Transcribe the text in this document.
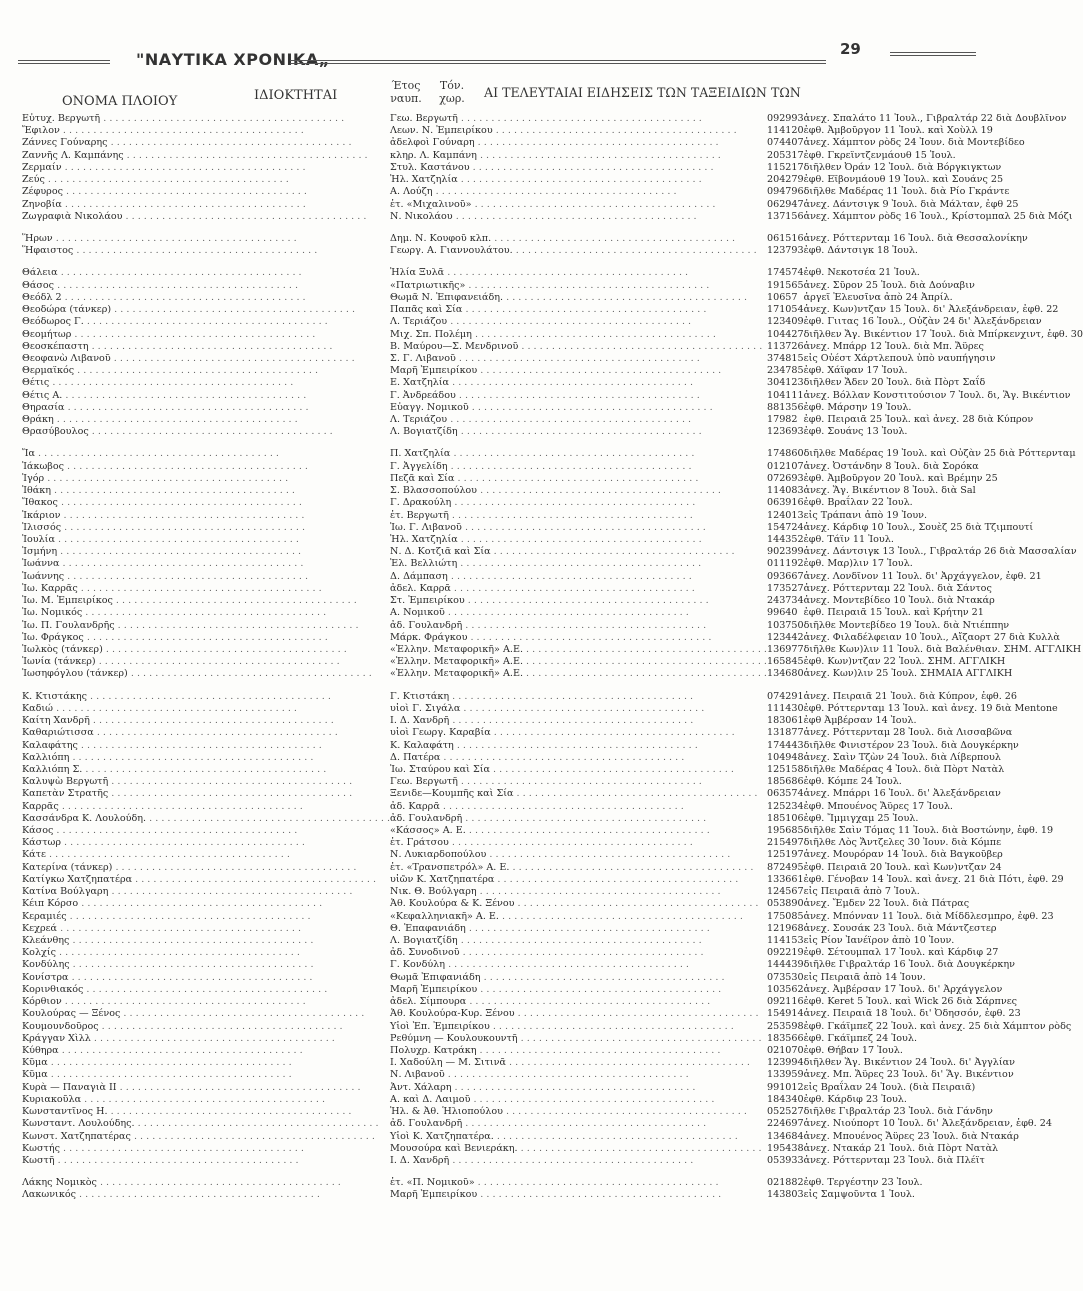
"ΝΑΥΤΙΚΑ ΧΡΟΝΙΚΑ„
29
ΟΝΟΜΑ ΠΛΟΙΟΥ	ΙΔΙΟΚΤΗΤΑΙ
Έτος ναυπ.
Τόν. χωρ.	ΑΙ ΤΕΛΕΥΤΑΙΑΙ ΕΙΔΗΣΕΙΣ ΤΩΝ ΤΑΞΕΙΔΙΩΝ ΤΩΝ
Εὐτυχ. Βεργωτῆ . . . . . . . . . . . . . . . . . . . . . . . . . . . . . . . . . . . . . . . .	Γεω. Βεργωτῆ . . . . . . . . . . . . . . . . . . . . . . . . . . . . . . . . . . . . . . . .	09	2993	ἀνεχ. Σπαλάτο 11 Ἰουλ., Γιβραλτάρ 22 διὰ Δουβλῖνον
Ἔφιλον . . . . . . . . . . . . . . . . . . . . . . . . . . . . . . . . . . . . . . . .	Λεων. Ν. Ἐμπειρίκου . . . . . . . . . . . . . . . . . . . . . . . . . . . . . . . . . . . . . . . .	11	4120	ἐφθ. Ἀμβοῦργον 11 Ἰουλ. καὶ Χοὺλλ 19
Ζάννες Γούναρης . . . . . . . . . . . . . . . . . . . . . . . . . . . . . . . . . . . . . . . .	ἀδελφοὶ Γούναρη . . . . . . . . . . . . . . . . . . . . . . . . . . . . . . . . . . . . . . . .	07	4407	ἀνεχ. Χάμπτον ρὸδς 24 Ἰουν. διὰ Μοντεβίδεο
Ζαννῆς Λ. Καμπάνης . . . . . . . . . . . . . . . . . . . . . . . . . . . . . . . . . . . . . . . .	κληρ. Λ. Καμπάνη . . . . . . . . . . . . . . . . . . . . . . . . . . . . . . . . . . . . . . . .	20	5317	ἐφθ. Γκρεϊντζενμάουθ 15 Ἰουλ.
Ζερμαίν . . . . . . . . . . . . . . . . . . . . . . . . . . . . . . . . . . . . . . . .	Στυλ. Καστάνου . . . . . . . . . . . . . . . . . . . . . . . . . . . . . . . . . . . . . . . .	11	5217	διῆλθεν Ὀράν 12 Ἰουλ. διὰ Βόργκιγκτων
Ζεύς . . . . . . . . . . . . . . . . . . . . . . . . . . . . . . . . . . . . . . . .	Ἠλ. Χατζηλία . . . . . . . . . . . . . . . . . . . . . . . . . . . . . . . . . . . . . . . .	20	4279	ἐφθ. Εϊβονμάουθ 19 Ἰουλ. καὶ Σουάνς 25
Ζέφυρος . . . . . . . . . . . . . . . . . . . . . . . . . . . . . . . . . . . . . . . .	Α. Λούζη . . . . . . . . . . . . . . . . . . . . . . . . . . . . . . . . . . . . . . . .	09	4796	διῆλθε Μαδέρας 11 Ἰουλ. διὰ Ρίο Γκράντε
Ζηνοβία . . . . . . . . . . . . . . . . . . . . . . . . . . . . . . . . . . . . . . . .	ἐτ. «Μιχαλινοῦ» . . . . . . . . . . . . . . . . . . . . . . . . . . . . . . . . . . . . . . . .	06	2947	ἀνεχ. Δάντσιγκ 9 Ἰουλ. διὰ Μάλταν, ἐφθ 25
Ζωγραφιὰ Νικολάου . . . . . . . . . . . . . . . . . . . . . . . . . . . . . . . . . . . . . . . .	Ν. Νικολάου . . . . . . . . . . . . . . . . . . . . . . . . . . . . . . . . . . . . . . . .	13	7156	ἀνεχ. Χάμπτον ρὸδς 16 Ἰουλ., Κρίστομπαλ 25 διὰ Μόζι

Ἥρων . . . . . . . . . . . . . . . . . . . . . . . . . . . . . . . . . . . . . . . .	Δημ. Ν. Κουφοῦ κλπ. . . . . . . . . . . . . . . . . . . . . . . . . . . . . . . . . . . . . . . . .	06	1516	ἀνεχ. Ρόττερνταμ 16 Ἰουλ. διὰ Θεσσαλονίκην
Ἥφαιστος . . . . . . . . . . . . . . . . . . . . . . . . . . . . . . . . . . . . . . . .	Γεωργ. Α. Γιαννουλάτου. . . . . . . . . . . . . . . . . . . . . . . . . . . . . . . . . . . . . . . . .	12	3793	ἐφθ. Δάντσιγκ 18 Ἰουλ.

Θάλεια . . . . . . . . . . . . . . . . . . . . . . . . . . . . . . . . . . . . . . . .	Ἠλία Ξυλᾶ . . . . . . . . . . . . . . . . . . . . . . . . . . . . . . . . . . . . . . . .	17	4574	ἐφθ. Νεκοτσέα 21 Ἰουλ.
Θάσος . . . . . . . . . . . . . . . . . . . . . . . . . . . . . . . . . . . . . . . .	«Πατριωτικῆς» . . . . . . . . . . . . . . . . . . . . . . . . . . . . . . . . . . . . . . . .	19	1565	ἀνεχ. Σῦρον 25 Ἰουλ. διὰ Δούναβιν
Θεόδλ 2 . . . . . . . . . . . . . . . . . . . . . . . . . . . . . . . . . . . . . . . .	Θωμᾶ Ν. Ἐπιφανειάδη. . . . . . . . . . . . . . . . . . . . . . . . . . . . . . . . . . . . . . . . .	10	657	ἀργεῖ Ἐλευσῖνα ἀπὸ 24 Ἀπρίλ.
Θεοδώρα (τάνκερ) . . . . . . . . . . . . . . . . . . . . . . . . . . . . . . . . . . . . . . . .	Παπᾶς καὶ Σία . . . . . . . . . . . . . . . . . . . . . . . . . . . . . . . . . . . . . . . .	17	1054	ἀνεχ. Κων)ντζαν 15 Ἰουλ. δι' Ἀλεξάνδρειαν, ἐφθ. 22
Θεόδωρος Γ. . . . . . . . . . . . . . . . . . . . . . . . . . . . . . . . . . . . . . . . .	Λ. Τεριάζου . . . . . . . . . . . . . . . . . . . . . . . . . . . . . . . . . . . . . . . .	12	3409	ἐφθ. Γιιτας 16 Ἰουλ., Οὐζὰν 24 δι' Ἀλεξάνδρειαν
Θεομήτωρ . . . . . . . . . . . . . . . . . . . . . . . . . . . . . . . . . . . . . . . .	Μιχ. Σπ. Πολέμη . . . . . . . . . . . . . . . . . . . . . . . . . . . . . . . . . . . . . . . .	10	4427	διῆλθεν Ἄγ. Βικέντιον 17 Ἰουλ. διὰ Μπίρκενχιντ, ἐφθ. 30
Θεοσκέπαστη . . . . . . . . . . . . . . . . . . . . . . . . . . . . . . . . . . . . . . . .	Β. Μαύρου—Σ. Μενδρινοῦ . . . . . . . . . . . . . . . . . . . . . . . . . . . . . . . . . . . . . . . .	11	3726	ἀνεχ. Μπάρρ 12 Ἰουλ. διὰ Μπ. Ἄϋρες
Θεοφανὼ Λιβανοῦ . . . . . . . . . . . . . . . . . . . . . . . . . . . . . . . . . . . . . . . .	Σ. Γ. Λιβανοῦ . . . . . . . . . . . . . . . . . . . . . . . . . . . . . . . . . . . . . . . .	37	4815	εἰς Οὐέστ Χάρτλεπουλ ὑπὸ ναυπήγησιν
Θερμαϊκός . . . . . . . . . . . . . . . . . . . . . . . . . . . . . . . . . . . . . . . .	Μαρῆ Ἐμπειρίκου . . . . . . . . . . . . . . . . . . . . . . . . . . . . . . . . . . . . . . . .	23	4785	ἐφθ. Χάϊφαν 17 Ἰουλ.
Θέτις . . . . . . . . . . . . . . . . . . . . . . . . . . . . . . . . . . . . . . . .	Ε. Χατζηλία . . . . . . . . . . . . . . . . . . . . . . . . . . . . . . . . . . . . . . . .	30	4123	διῆλθεν Ἄδεν 20 Ἰουλ. διὰ Πὸρτ Σαΐδ
Θέτις Α. . . . . . . . . . . . . . . . . . . . . . . . . . . . . . . . . . . . . . . . .	Γ. Ἀνδρεάδου . . . . . . . . . . . . . . . . . . . . . . . . . . . . . . . . . . . . . . . .	10	4111	ἀνεχ. Βόλλαν Κονστιτούσιον 7 Ἰουλ. δι, Ἅγ. Βικέντιον
Θηρασία . . . . . . . . . . . . . . . . . . . . . . . . . . . . . . . . . . . . . . . .	Εὐαγγ. Νομικοῦ . . . . . . . . . . . . . . . . . . . . . . . . . . . . . . . . . . . . . . . .	88	1356	ἐφθ. Μάρσην 19 Ἰουλ.
Θράκη . . . . . . . . . . . . . . . . . . . . . . . . . . . . . . . . . . . . . . . .	Λ. Τεριάζου . . . . . . . . . . . . . . . . . . . . . . . . . . . . . . . . . . . . . . . .	17	982	ἐφθ. Πειραιᾶ 25 Ἰουλ. καὶ ἀνεχ. 28 διὰ Κύπρον
Θρασύβουλος . . . . . . . . . . . . . . . . . . . . . . . . . . . . . . . . . . . . . . . .	Λ. Βογιατζίδη . . . . . . . . . . . . . . . . . . . . . . . . . . . . . . . . . . . . . . . .	12	3693	ἐφθ. Σουάνς 13 Ἰουλ.

Ἴα . . . . . . . . . . . . . . . . . . . . . . . . . . . . . . . . . . . . . . . .	Π. Χατζηλία . . . . . . . . . . . . . . . . . . . . . . . . . . . . . . . . . . . . . . . .	17	4860	διῆλθε Μαδέρας 19 Ἰουλ. καὶ Οὐζὰν 25 διὰ Ρόττερνταμ
Ἰάκωβος . . . . . . . . . . . . . . . . . . . . . . . . . . . . . . . . . . . . . . . .	Γ. Ἀγγελίδη . . . . . . . . . . . . . . . . . . . . . . . . . . . . . . . . . . . . . . . .	01	2107	ἀνεχ. Ὀστάνδην 8 Ἰουλ. διὰ Σορόκα
Ἰγόρ . . . . . . . . . . . . . . . . . . . . . . . . . . . . . . . . . . . . . . . .	Πεζᾶ καὶ Σία . . . . . . . . . . . . . . . . . . . . . . . . . . . . . . . . . . . . . . . .	07	2693	ἐφθ. Ἀμβοῦργον 20 Ἰουλ. καὶ Βρέμην 25
Ἰθάκη . . . . . . . . . . . . . . . . . . . . . . . . . . . . . . . . . . . . . . . .	Σ. Βλασσοπούλου . . . . . . . . . . . . . . . . . . . . . . . . . . . . . . . . . . . . . . . .	11	4083	ἀνεχ. Ἅγ. Βικέντιον 8 Ἰουλ. διὰ Sal
Ἴθακος . . . . . . . . . . . . . . . . . . . . . . . . . . . . . . . . . . . . . . . .	Γ. Δρακούλη . . . . . . . . . . . . . . . . . . . . . . . . . . . . . . . . . . . . . . . .	06	3916	ἐφθ. Βραΐλαν 22 Ἰουλ.
Ἰκάριον . . . . . . . . . . . . . . . . . . . . . . . . . . . . . . . . . . . . . . . .	ἐτ. Βεργωτῆ . . . . . . . . . . . . . . . . . . . . . . . . . . . . . . . . . . . . . . . .	12	4013	εἰς Τράπανι ἀπὸ 19 Ἰουν.
Ἰλισσός . . . . . . . . . . . . . . . . . . . . . . . . . . . . . . . . . . . . . . . .	Ἰω. Γ. Λιβανοῦ . . . . . . . . . . . . . . . . . . . . . . . . . . . . . . . . . . . . . . . .	15	4724	ἀνεχ. Κάρδιφ 10 Ἰουλ., Σουὲζ 25 διὰ Τζιμπουτί
Ἰουλία . . . . . . . . . . . . . . . . . . . . . . . . . . . . . . . . . . . . . . . .	Ἠλ. Χατζηλία . . . . . . . . . . . . . . . . . . . . . . . . . . . . . . . . . . . . . . . .	14	4352	ἐφθ. Τάϊν 11 Ἰουλ.
Ἰσμήνη . . . . . . . . . . . . . . . . . . . . . . . . . . . . . . . . . . . . . . . .	Ν. Δ. Κοτζιᾶ καὶ Σία . . . . . . . . . . . . . . . . . . . . . . . . . . . . . . . . . . . . . . . .	90	2399	ἀνεχ. Δάντσιγκ 13 Ἰουλ., Γιβραλτάρ 26 διὰ Μασσαλίαν
Ἰωάννα . . . . . . . . . . . . . . . . . . . . . . . . . . . . . . . . . . . . . . . .	Ἐλ. Βελλιώτη . . . . . . . . . . . . . . . . . . . . . . . . . . . . . . . . . . . . . . . .	01	1192	ἐφθ. Μαρ)λιν 17 Ἰουλ.
Ἰωάννης . . . . . . . . . . . . . . . . . . . . . . . . . . . . . . . . . . . . . . . .	Δ. Δάμπαση . . . . . . . . . . . . . . . . . . . . . . . . . . . . . . . . . . . . . . . .	09	3667	ἀνεχ. Λονδῖνον 11 Ἰουλ. δι' Ἀρχάγγελον, ἐφθ. 21
Ἰω. Καρρᾶς . . . . . . . . . . . . . . . . . . . . . . . . . . . . . . . . . . . . . . . .	ἀδελ. Καρρᾶ . . . . . . . . . . . . . . . . . . . . . . . . . . . . . . . . . . . . . . . .	17	3527	ἀνεχ. Ρόττερνταμ 22 Ἰουλ. διὰ Σάντος
Ἰω. Μ. Ἐμπειρίκος . . . . . . . . . . . . . . . . . . . . . . . . . . . . . . . . . . . . . . . .	Στ. Ἐμπειρίκου . . . . . . . . . . . . . . . . . . . . . . . . . . . . . . . . . . . . . . . .	24	3734	ἀνεχ. Μοντεβίδεο 10 Ἰουλ. διὰ Ντακάρ
Ἰω. Νομικός . . . . . . . . . . . . . . . . . . . . . . . . . . . . . . . . . . . . . . . .	Α. Νομικοῦ . . . . . . . . . . . . . . . . . . . . . . . . . . . . . . . . . . . . . . . .	99	640	ἐφθ. Πειραιᾶ 15 Ἰουλ. καὶ Κρήτην 21
Ἰω. Π. Γουλανδρῆς . . . . . . . . . . . . . . . . . . . . . . . . . . . . . . . . . . . . . . . .	ἀδ. Γουλανδρῆ . . . . . . . . . . . . . . . . . . . . . . . . . . . . . . . . . . . . . . . .	10	3750	διῆλθε Μοντεβίδεο 19 Ἰουλ. διὰ Ντιέππην
Ἰω. Φράγκος . . . . . . . . . . . . . . . . . . . . . . . . . . . . . . . . . . . . . . . .	Μάρκ. Φράγκου . . . . . . . . . . . . . . . . . . . . . . . . . . . . . . . . . . . . . . . .	12	3442	ἀνεχ. Φιλαδέλφειαν 10 Ἰουλ., Αἴζαορτ 27 διὰ Κυλλὰ
Ἰωλκὸς (τάνκερ) . . . . . . . . . . . . . . . . . . . . . . . . . . . . . . . . . . . . . . . .	«Ἑλλην. Μεταφορικῆ» Α.Ε. . . . . . . . . . . . . . . . . . . . . . . . . . . . . . . . . . . . . . . . .	13	6977	διῆλθε Κων)λιν 11 Ἰουλ. διὰ Βαλένθιαν. ΣΗΜ. ΑΓΓΛΙΚΗ
Ἰωνία (τάνκερ) . . . . . . . . . . . . . . . . . . . . . . . . . . . . . . . . . . . . . . . .	«Ἑλλην. Μεταφορικῆ» Α.Ε. . . . . . . . . . . . . . . . . . . . . . . . . . . . . . . . . . . . . . . . .	16	5845	ἐφθ. Κων)ντζαν 22 Ἰουλ. ΣΗΜ. ΑΓΓΛΙΚΗ
Ἰωσηφόγλου (τάνκερ) . . . . . . . . . . . . . . . . . . . . . . . . . . . . . . . . . . . . . . . .	«Ἑλλην. Μεταφορικῆ» Α.Ε. . . . . . . . . . . . . . . . . . . . . . . . . . . . . . . . . . . . . . . . .	13	4680	ἀνεχ. Κων)λιν 25 Ἰουλ. ΣΗΜΑΙΑ ΑΓΓΛΙΚΗ

Κ. Κτιστάκης . . . . . . . . . . . . . . . . . . . . . . . . . . . . . . . . . . . . . . . .	Γ. Κτιστάκη . . . . . . . . . . . . . . . . . . . . . . . . . . . . . . . . . . . . . . . .	07	4291	ἀνεχ. Πειραιᾶ 21 Ἰουλ. διὰ Κύπρον, ἐφθ. 26
Καδιώ . . . . . . . . . . . . . . . . . . . . . . . . . . . . . . . . . . . . . . . .	υἱοὶ Γ. Σιγάλα . . . . . . . . . . . . . . . . . . . . . . . . . . . . . . . . . . . . . . . .	11	1430	ἐφθ. Ρόττερνταμ 13 Ἰουλ. καὶ ἀνεχ. 19 διὰ Mentone
Καίτη Χανδρῆ . . . . . . . . . . . . . . . . . . . . . . . . . . . . . . . . . . . . . . . .	Ι. Δ. Χανδρῆ . . . . . . . . . . . . . . . . . . . . . . . . . . . . . . . . . . . . . . . .	18	3061	ἐφθ Ἀμβέρσαν 14 Ἰουλ.
Καθαριώτισσα . . . . . . . . . . . . . . . . . . . . . . . . . . . . . . . . . . . . . . . .	υἱοὶ Γεωργ. Καραβία . . . . . . . . . . . . . . . . . . . . . . . . . . . . . . . . . . . . . . . .	13	1877	ἀνεχ. Ρόττερνταμ 28 Ἰουλ. διὰ Λισσαβῶνα
Καλαφάτης . . . . . . . . . . . . . . . . . . . . . . . . . . . . . . . . . . . . . . . .	Κ. Καλαφάτη . . . . . . . . . . . . . . . . . . . . . . . . . . . . . . . . . . . . . . . .	17	4443	διῆλθε Φινιστέρον 23 Ἰουλ. διὰ Δουγκέρκην
Καλλιόπη . . . . . . . . . . . . . . . . . . . . . . . . . . . . . . . . . . . . . . . .	Δ. Πατέρα . . . . . . . . . . . . . . . . . . . . . . . . . . . . . . . . . . . . . . . .	10	4948	ἀνεχ. Σαὶν Τζὼν 24 Ἰουλ. διὰ Λίβερπουλ
Καλλιόπη Σ. . . . . . . . . . . . . . . . . . . . . . . . . . . . . . . . . . . . . . . . .	Ἰω. Σταύρου καὶ Σία . . . . . . . . . . . . . . . . . . . . . . . . . . . . . . . . . . . . . . . .	12	5158	διῆλθε Μαδέρας 4 Ἰουλ. διὰ Πὸρτ Νατὰλ
Καλυψὼ Βεργωτῆ . . . . . . . . . . . . . . . . . . . . . . . . . . . . . . . . . . . . . . . .	Γεω. Βεργωτῆ . . . . . . . . . . . . . . . . . . . . . . . . . . . . . . . . . . . . . . . .	18	5686	ἐφθ. Κόμπε 24 Ἰουλ.
Καπετὰν Στρατῆς . . . . . . . . . . . . . . . . . . . . . . . . . . . . . . . . . . . . . . . .	Ξενιδε—Κουμπῆς καὶ Σία . . . . . . . . . . . . . . . . . . . . . . . . . . . . . . . . . . . . . . . .	06	3574	ἀνεχ. Μπάρρι 16 Ἰουλ. δι' Ἀλεξάνδρειαν
Καρρᾶς . . . . . . . . . . . . . . . . . . . . . . . . . . . . . . . . . . . . . . . .	ἀδ. Καρρᾶ . . . . . . . . . . . . . . . . . . . . . . . . . . . . . . . . . . . . . . . .	12	5234	ἐφθ. Μπουένος Ἄϋρες 17 Ἰουλ.
Κασσάνδρα Κ. Λουλούδη. . . . . . . . . . . . . . . . . . . . . . . . . . . . . . . . . . . . . . . . .	ἀδ. Γουλανδρῆ . . . . . . . . . . . . . . . . . . . . . . . . . . . . . . . . . . . . . . . .	18	5106	ἐφθ. Ἴμμιγχαμ 25 Ἰουλ.
Κάσος . . . . . . . . . . . . . . . . . . . . . . . . . . . . . . . . . . . . . . . .	«Κάσσος» Α. Ε. . . . . . . . . . . . . . . . . . . . . . . . . . . . . . . . . . . . . . . . .	19	5685	διῆλθε Σαὶν Τόμας 11 Ἰουλ. διὰ Βοστώνην, ἐφθ. 19
Κάστωρ . . . . . . . . . . . . . . . . . . . . . . . . . . . . . . . . . . . . . . . .	ἐτ. Γράτσου . . . . . . . . . . . . . . . . . . . . . . . . . . . . . . . . . . . . . . . .	21	5497	διῆλθε Λὸς Ἄντζελες 30 Ἰουν. διὰ Κόμπε
Κάτε . . . . . . . . . . . . . . . . . . . . . . . . . . . . . . . . . . . . . . . .	Ν. Λυκιαρδοπούλου . . . . . . . . . . . . . . . . . . . . . . . . . . . . . . . . . . . . . . . .	12	5197	ἀνεχ. Μουρόραν 14 Ἰουλ. διὰ Βαγκοῦβερ
Κατερίνα (τάνκερ) . . . . . . . . . . . . . . . . . . . . . . . . . . . . . . . . . . . . . . . .	ἐτ. «Τρανσπετρόλ» Α. Ε. . . . . . . . . . . . . . . . . . . . . . . . . . . . . . . . . . . . . . . . .	87	2495	ἐφθ. Πειραιᾶ 20 Ἰουλ. καὶ Κων)ντζαν 24
Κατίγκω Χατζηπατέρα . . . . . . . . . . . . . . . . . . . . . . . . . . . . . . . . . . . . . . . .	υἱῶν Κ. Χατζηπατέρα . . . . . . . . . . . . . . . . . . . . . . . . . . . . . . . . . . . . . . . .	13	3661	ἐφθ. Γένοβαν 14 Ἰουλ. καὶ ἀνεχ. 21 διὰ Πότι, ἐφθ. 29
Κατίνα Βούλγαρη . . . . . . . . . . . . . . . . . . . . . . . . . . . . . . . . . . . . . . . .	Νικ. Θ. Βούλγαρη . . . . . . . . . . . . . . . . . . . . . . . . . . . . . . . . . . . . . . . .	12	4567	εἰς Πειραιᾶ ἀπὸ 7 Ἰουλ.
Κέιπ Κόρσο . . . . . . . . . . . . . . . . . . . . . . . . . . . . . . . . . . . . . . . .	Ἀθ. Κουλούρα & Κ. Ξένου . . . . . . . . . . . . . . . . . . . . . . . . . . . . . . . . . . . . . . . .	05	3890	ἀνεχ. Ἔμδεν 22 Ἰουλ. διὰ Πάτρας
Κεραμιές . . . . . . . . . . . . . . . . . . . . . . . . . . . . . . . . . . . . . . . .	«Κεφαλληνιακῆ» Α. Ε. . . . . . . . . . . . . . . . . . . . . . . . . . . . . . . . . . . . . . . . .	17	5085	ἀνεχ. Μπόνναν 11 Ἰουλ. διὰ Μίδδλεσμπρο, ἐφθ. 23
Κεχρεά . . . . . . . . . . . . . . . . . . . . . . . . . . . . . . . . . . . . . . . .	Θ. Ἐπαφανιάδη . . . . . . . . . . . . . . . . . . . . . . . . . . . . . . . . . . . . . . . .	12	1968	ἀνεχ. Σουσάκ 23 Ἰουλ. διὰ Μάντζεστερ
Κλεάνθης . . . . . . . . . . . . . . . . . . . . . . . . . . . . . . . . . . . . . . . .	Λ. Βογιατζίδη . . . . . . . . . . . . . . . . . . . . . . . . . . . . . . . . . . . . . . . .	11	4153	εἰς Ρίον Ἰανέϊρον ἀπὸ 10 Ἰουν.
Κολχίς . . . . . . . . . . . . . . . . . . . . . . . . . . . . . . . . . . . . . . . .	ἀδ. Συνοδινοῦ . . . . . . . . . . . . . . . . . . . . . . . . . . . . . . . . . . . . . . . .	09	2219	ἐφθ. Σέτουμπαλ 17 Ἰουλ. καὶ Κάρδιφ 27
Κονδύλης . . . . . . . . . . . . . . . . . . . . . . . . . . . . . . . . . . . . . . . .	Γ. Κονδύλη . . . . . . . . . . . . . . . . . . . . . . . . . . . . . . . . . . . . . . . .	14	4439	διῆλθε Γιβραλτάρ 16 Ἰουλ. διὰ Δουγκέρκην
Κονίστρα . . . . . . . . . . . . . . . . . . . . . . . . . . . . . . . . . . . . . . . .	Θωμᾶ Ἐπιφανιάδη . . . . . . . . . . . . . . . . . . . . . . . . . . . . . . . . . . . . . . . .	07	3530	εἰς Πειραιᾶ ἀπὸ 14 Ἰουν.
Κορινθιακός . . . . . . . . . . . . . . . . . . . . . . . . . . . . . . . . . . . . . . . .	Μαρῆ Ἐμπειρίκου . . . . . . . . . . . . . . . . . . . . . . . . . . . . . . . . . . . . . . . .	10	3562	ἀνεχ. Ἀμβέρσαν 17 Ἰουλ. δι' Ἀρχάγγελον
Κόρθιον . . . . . . . . . . . . . . . . . . . . . . . . . . . . . . . . . . . . . . . .	ἀδελ. Σίμπουρα . . . . . . . . . . . . . . . . . . . . . . . . . . . . . . . . . . . . . . . .	09	2116	ἐφθ. Keret 5 Ἰουλ. καὶ Wick 26 διὰ Σάρπνες
Κουλούρας — Ξένος . . . . . . . . . . . . . . . . . . . . . . . . . . . . . . . . . . . . . . . .	Ἀθ. Κουλούρα-Κυρ. Ξένου . . . . . . . . . . . . . . . . . . . . . . . . . . . . . . . . . . . . . . . .	15	4914	ἀνεχ. Πειραιᾶ 18 Ἰουλ. δι' Ὀδησσόν, ἐφθ. 23
Κουμουνδοῦρος . . . . . . . . . . . . . . . . . . . . . . . . . . . . . . . . . . . . . . . .	Υἱοὶ Ἐπ. Ἐμπειρίκου . . . . . . . . . . . . . . . . . . . . . . . . . . . . . . . . . . . . . . . .	25	3598	ἐφθ. Γκάϊμπεζ 22 Ἰουλ. καὶ ἀνεχ. 25 διὰ Χάμπτον ρὸδς
Κράγγαν Χὶλλ . . . . . . . . . . . . . . . . . . . . . . . . . . . . . . . . . . . . . . . .	Ρεθύμνη — Κουλουκουντῆ . . . . . . . . . . . . . . . . . . . . . . . . . . . . . . . . . . . . . . . .	18	3566	ἐφθ. Γκάϊμπεζ 24 Ἰουλ.
Κύθηρα . . . . . . . . . . . . . . . . . . . . . . . . . . . . . . . . . . . . . . . .	Πολυχρ. Κατράκη . . . . . . . . . . . . . . . . . . . . . . . . . . . . . . . . . . . . . . . .	02	1070	ἐφθ. Θήβαν 17 Ἰουλ.
Κῦμα . . . . . . . . . . . . . . . . . . . . . . . . . . . . . . . . . . . . . . . .	Ι. Χαδούλη — Μ. Σιτινᾶ . . . . . . . . . . . . . . . . . . . . . . . . . . . . . . . . . . . . . . . .	12	3994	διῆλθεν Ἅγ. Βικέντιον 24 Ἰουλ. δι' Ἀγγλίαν
Κῦμα . . . . . . . . . . . . . . . . . . . . . . . . . . . . . . . . . . . . . . . .	Ν. Λιβανοῦ . . . . . . . . . . . . . . . . . . . . . . . . . . . . . . . . . . . . . . . .	13	3959	ἀνεχ. Μπ. Ἄϋρες 23 Ἰουλ. δι' Ἅγ. Βικέντιον
Κυρὰ — Παναγιὰ ΙΙ . . . . . . . . . . . . . . . . . . . . . . . . . . . . . . . . . . . . . . . .	Ἀντ. Χάλαρη . . . . . . . . . . . . . . . . . . . . . . . . . . . . . . . . . . . . . . . .	99	1012	εἰς Βραΐλαν 24 Ἰουλ. (διὰ Πειραιᾶ)
Κυριακοῦλα . . . . . . . . . . . . . . . . . . . . . . . . . . . . . . . . . . . . . . . .	Α. καὶ Δ. Λαιμοῦ . . . . . . . . . . . . . . . . . . . . . . . . . . . . . . . . . . . . . . . .	18	4340	ἐφθ. Κάρδιφ 23 Ἰουλ.
Κωνσταντῖνος Η. . . . . . . . . . . . . . . . . . . . . . . . . . . . . . . . . . . . . . . . .	Ἠλ. & Ἀθ. Ἡλιοπούλου . . . . . . . . . . . . . . . . . . . . . . . . . . . . . . . . . . . . . . . .	05	2527	διῆλθε Γιβραλτάρ 23 Ἰουλ. διὰ Γάνδην
Κωνσταντ. Λουλούδης. . . . . . . . . . . . . . . . . . . . . . . . . . . . . . . . . . . . . . . . .	ἀδ. Γουλανδρῆ . . . . . . . . . . . . . . . . . . . . . . . . . . . . . . . . . . . . . . . .	22	4697	ἀνεχ. Νιούπορτ 10 Ἰουλ. δι' Ἀλεξάνδρειαν, ἐφθ. 24
Κωνστ. Χατζηπατέρας . . . . . . . . . . . . . . . . . . . . . . . . . . . . . . . . . . . . . . . .	Υἱοὶ Κ. Χατζηπατέρα. . . . . . . . . . . . . . . . . . . . . . . . . . . . . . . . . . . . . . . . .	13	4684	ἀνεχ. Μπουένος Ἄϋρες 23 Ἰουλ. διὰ Ντακάρ
Κωστής . . . . . . . . . . . . . . . . . . . . . . . . . . . . . . . . . . . . . . . .	Μουσούρα καὶ Βενιεράκη. . . . . . . . . . . . . . . . . . . . . . . . . . . . . . . . . . . . . . . . .	19	5438	ἀνεχ. Ντακάρ 21 Ἰουλ. διὰ Πὸρτ Νατὰλ
Κωστῆ . . . . . . . . . . . . . . . . . . . . . . . . . . . . . . . . . . . . . . . .	Ι. Δ. Χανδρῆ . . . . . . . . . . . . . . . . . . . . . . . . . . . . . . . . . . . . . . . .	05	3933	ἀνεχ. Ρόττερνταμ 23 Ἰουλ. διὰ Πλέϊτ

Λάκης Νομικὸς . . . . . . . . . . . . . . . . . . . . . . . . . . . . . . . . . . . . . . . .	ἐτ. «Π. Νομικοῦ» . . . . . . . . . . . . . . . . . . . . . . . . . . . . . . . . . . . . . . . .	02	1882	ἐφθ. Τεργέστην 23 Ἰουλ.
Λακωνικός . . . . . . . . . . . . . . . . . . . . . . . . . . . . . . . . . . . . . . . .	Μαρῆ Ἐμπειρίκου . . . . . . . . . . . . . . . . . . . . . . . . . . . . . . . . . . . . . . . .	14	3803	εἰς Σαμψοῦντα 1 Ἰουλ.
